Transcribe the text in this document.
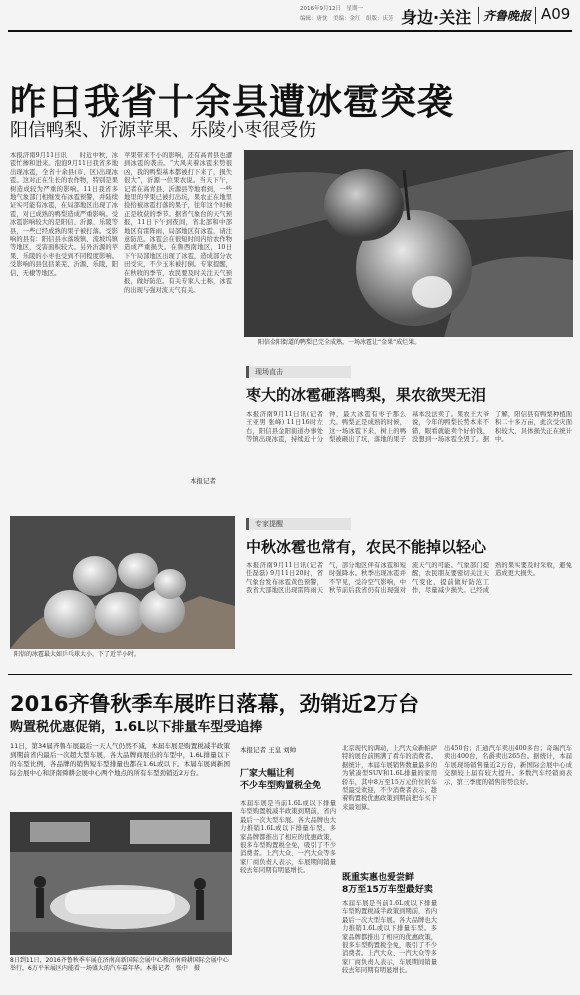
2016年9月12日　星期一
编辑：唐忱　美编：金红　组版：庆芳 身边·关注 齐鲁晚报 A09
昨日我省十余县遭冰雹突袭
阳信鸭梨、沂源苹果、乐陵小枣很受伤
本报济南9月11日讯　　时近中秋，冰雹忙掺和进来。泡泡9月11日我省多地出现冰雹，全省十余县(市、区)出现冰雹。这对正在生长的农作物，特别是果树造成较为严重的影响。11日我省多地气象部门相继发布冰雹预警，并陆续证实可能有冰雹，在局部地区出现了冰雹，对已成熟的鸭梨造成严重影响。受冰雹影响较大的是阳信、沂源、乐陵等县，一些已经成熟的果子被打落。受影响的县有：阳信县水落坡镇、流坡坞镇等地区，受害面积较大。另外沂源的苹果、乐陵的小枣也受到不同程度影响。受影响的县包括莱芜、沂源、乐陵、阳信、无棣等地区。
苹果带来不小的影响，还有高青县也遭到冰雹的袭击。“大风夹着冰雹来势很凶，我的鸭梨基本都被打下来了，损失很大”，沂源一位果农说。当天下午，记者在高青县、沂源县等地看到，一些地里的苹果已被打出坑，果农正在地里捡拾被冰雹打落的果子，往年这个时候正是收获的季节。据省气象台的天气预报，11日下午到夜间，省北部和中部地区有雷阵雨，局部地区有冰雹，请注意防范。冰雹会在很短时间内给农作物造成严重损失。在鲁西南地区，10日下午局部地区出现了冰雹，造成部分农田受灾，不少玉米被打倒。专家提醒，在秋收的季节，农民要及时关注天气预报，做好防范。有关专家人士称，冰雹的出现与强对流天气有关。
本报记者
阳信金阳街道的鸭梨已完全成熟，一场冰雹让“金果”成烂果。
现场直击
枣大的冰雹砸落鸭梨，果农欲哭无泪
本报济南9月11日讯(记者 王亚男 张峰) 11日16时左右，阳信县金阳街道办事处等镇出现冰雹，持续近十分钟，最大冰雹有枣子那么大。鸭梨正是成熟的时候，这一场冰雹下来，树上的鸭梨被砸出了坑，落地的果子基本没法卖了。果农王大爷说，今年的鸭梨长势本来不错，眼看就能卖个好价钱，没想到一场冰雹全毁了。据了解，阳信县有鸭梨种植面积二十多万亩，此次受灾面积较大，具体损失正在统计中。
阳信的冰雹最大如乒乓球大小，下了近半小时。
专家提醒
中秋冰雹也常有，农民不能掉以轻心
本报济南9月11日讯(记者 任磊磊) 9月11日20时，省气象台发布冰雹黄色预警，我省大部地区出现雷阵雨天气，部分地区伴有冰雹和短时强降水。秋季出现冰雹并不罕见，受冷空气影响，中秋节前后我省仍有出现强对流天气的可能。气象部门提醒，农民朋友要密切关注天气变化，提前做好防范工作，尽量减少损失。已经成熟的果实要及时采收，避免造成更大损失。
2016齐鲁秋季车展昨日落幕，劲销近2万台
购置税优惠促销，1.6L以下排量车型受追捧
11日，第34届齐鲁车展最后一天人气仍然不减，本届车展是购置税减半政策到期前省内最后一次超大型车展，各大品牌商展出的车型中，1.6L排量以下的车型比例，各品牌的销售短车型排量也都在1.6L或以下。本届车展离新国际会展中心和济南舜耕会展中心两个地点的所有车型劲销近2万台。
8日到11日，2016齐鲁秋季车展在济南高新国际会展中心和济南舜耕国际会展中心举行，6万平米展区内能看一场盛大的汽车嘉年华。本报记者　张中　摄
本报记者 王皇 刘帅
厂家大幅让利
不少车型购置税全免
本届车展是当前1.6L或以下排量车型购置税减半政策到期前，省内最后一次大型车展。各大品牌也大力推销1.6L或以下排量车型。多家品牌都推出了相应的优惠政策，很多车型购置税全免，吸引了不少消费者。上汽大众、一汽大众等多家厂商负责人表示，车展期间销量较去年同期有明显增长。
北京现代的调动，上汽大众新帕萨特的展台前围满了看车的消费者。据统计，本届车展销售数量最多的为紧凑型SUV和1.6L排量的家用轿车，其中8万至15万元价位的车型最受欢迎，不少消费者表示，趁着购置税优惠政策到期前把车买下来最划算。
既重实惠也爱尝鲜
8万至15万车型最好卖
本届车展是当前1.6L或以下排量车型购置税减半政策到期前，省内最后一次大型车展。各大品牌也大力推销1.6L或以下排量车型。多家品牌都推出了相应的优惠政策，很多车型购置税全免，吸引了不少消费者。上汽大众、一汽大众等多家厂商负责人表示，车展期间销量较去年同期有明显增长。
出450台；汇通汽车卖出400多台；奇瑞汽车卖出400台，名爵卖出265台。据统计，本届车展现场销售量近2万台，新国际会展中心成交额较上届有较大提升。多数汽车经销商表示，第三季度的销售形势良好。
